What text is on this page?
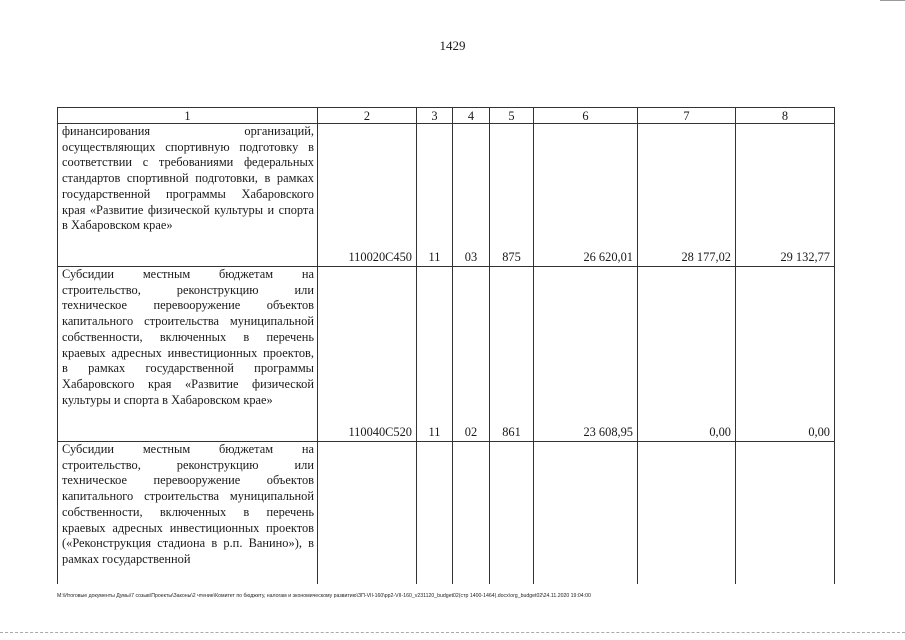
1429
1	2	3	4	5	6	7	8
финансирования организаций, осуществляющих спортивную подготовку в соответствии с требованиями федеральных стандартов спортивной подготовки, в рамках государственной программы Хабаровского края «Развитие физической культуры и спорта в Хабаровском крае»	110020С450	11	03	875	26 620,01	28 177,02	29 132,77
Субсидии местным бюджетам на строительство, реконструкцию или техническое перевооружение объектов капитального строительства муниципальной собственности, включенных в перечень краевых адресных инвестиционных проектов, в рамках государственной программы Хабаровского края «Развитие физической культуры и спорта в Хабаровском крае»	110040С520	11	02	861	23 608,95	0,00	0,00
Субсидии местным бюджетам на строительство, реконструкцию или техническое перевооружение объектов капитального строительства муниципальной собственности, включенных в перечень краевых адресных инвестиционных проектов («Реконструкция стадиона в р.п. Ванино»), в рамках государственной							
М:\Итоговые документы Думы\7 созыв\Проекты\Законы\2 чтение\Комитет по бюджету, налогам и экономическому развитию\ЗП-VII-160\pp2-VII-160_v231120_budget02(стр 1400-1464).docx\org_budget02\24.11.2020 19:04:00
